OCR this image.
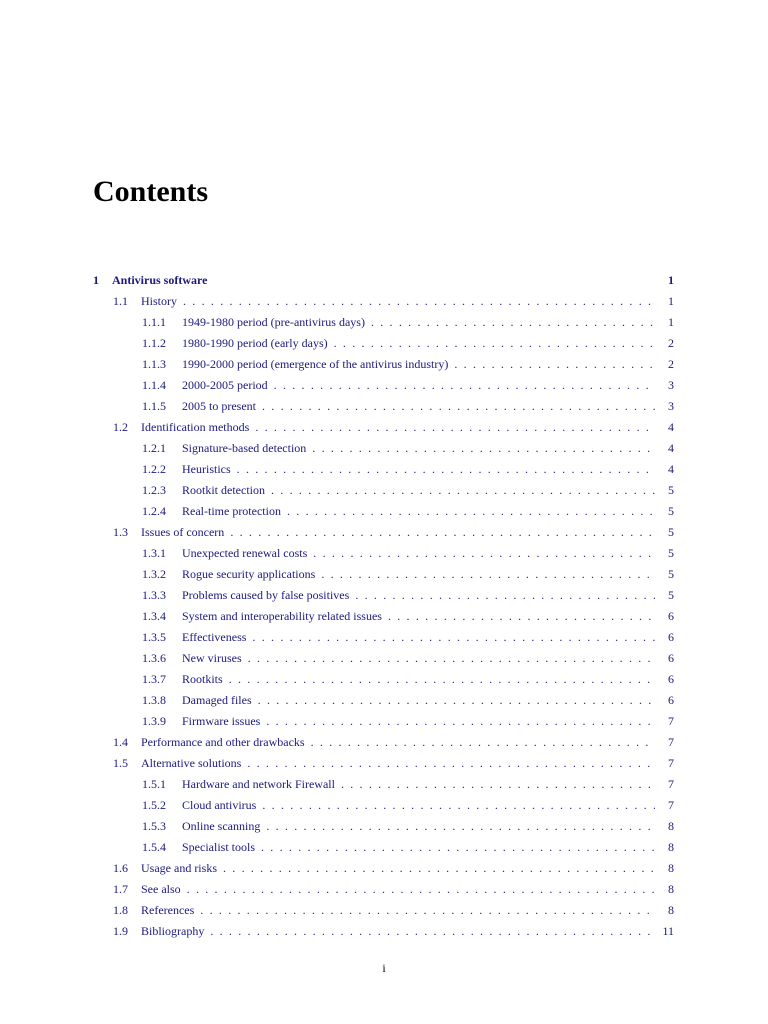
Contents
1 Antivirus software	1
1.1 History . . .	1
1.1.1 1949-1980 period (pre-antivirus days) . . .	1
1.1.2 1980-1990 period (early days) . . .	2
1.1.3 1990-2000 period (emergence of the antivirus industry) . . .	2
1.1.4 2000-2005 period . . .	3
1.1.5 2005 to present . . .	3
1.2 Identification methods . . .	4
1.2.1 Signature-based detection . . .	4
1.2.2 Heuristics . . .	4
1.2.3 Rootkit detection . . .	5
1.2.4 Real-time protection . . .	5
1.3 Issues of concern . . .	5
1.3.1 Unexpected renewal costs . . .	5
1.3.2 Rogue security applications . . .	5
1.3.3 Problems caused by false positives . . .	5
1.3.4 System and interoperability related issues . . .	6
1.3.5 Effectiveness . . .	6
1.3.6 New viruses . . .	6
1.3.7 Rootkits . . .	6
1.3.8 Damaged files . . .	6
1.3.9 Firmware issues . . .	7
1.4 Performance and other drawbacks . . .	7
1.5 Alternative solutions . . .	7
1.5.1 Hardware and network Firewall . . .	7
1.5.2 Cloud antivirus . . .	7
1.5.3 Online scanning . . .	8
1.5.4 Specialist tools . . .	8
1.6 Usage and risks . . .	8
1.7 See also . . .	8
1.8 References . . .	8
1.9 Bibliography . . .	11
i
